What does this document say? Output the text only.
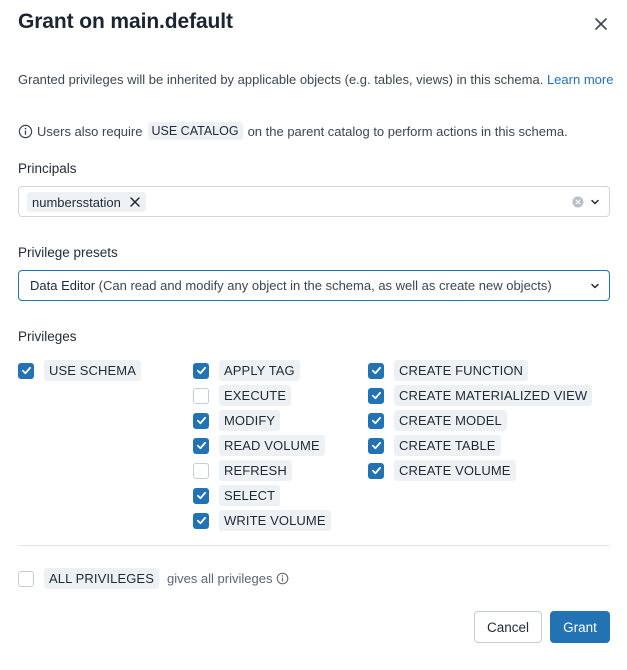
Grant on main.default
Granted privileges will be inherited by applicable objects (e.g. tables, views) in this schema. Learn more
Users also require USE CATALOG on the parent catalog to perform actions in this schema.
Principals
numbersstation
Privilege presets
Data Editor (Can read and modify any object in the schema, as well as create new objects)
Privileges
USE SCHEMA	APPLY TAG
EXECUTE
MODIFY
READ VOLUME
REFRESH
SELECT
WRITE VOLUME
CREATE FUNCTION
CREATE MATERIALIZED VIEW
CREATE MODEL
CREATE TABLE
CREATE VOLUME
ALL PRIVILEGES	gives all privileges
Cancel	Grant
